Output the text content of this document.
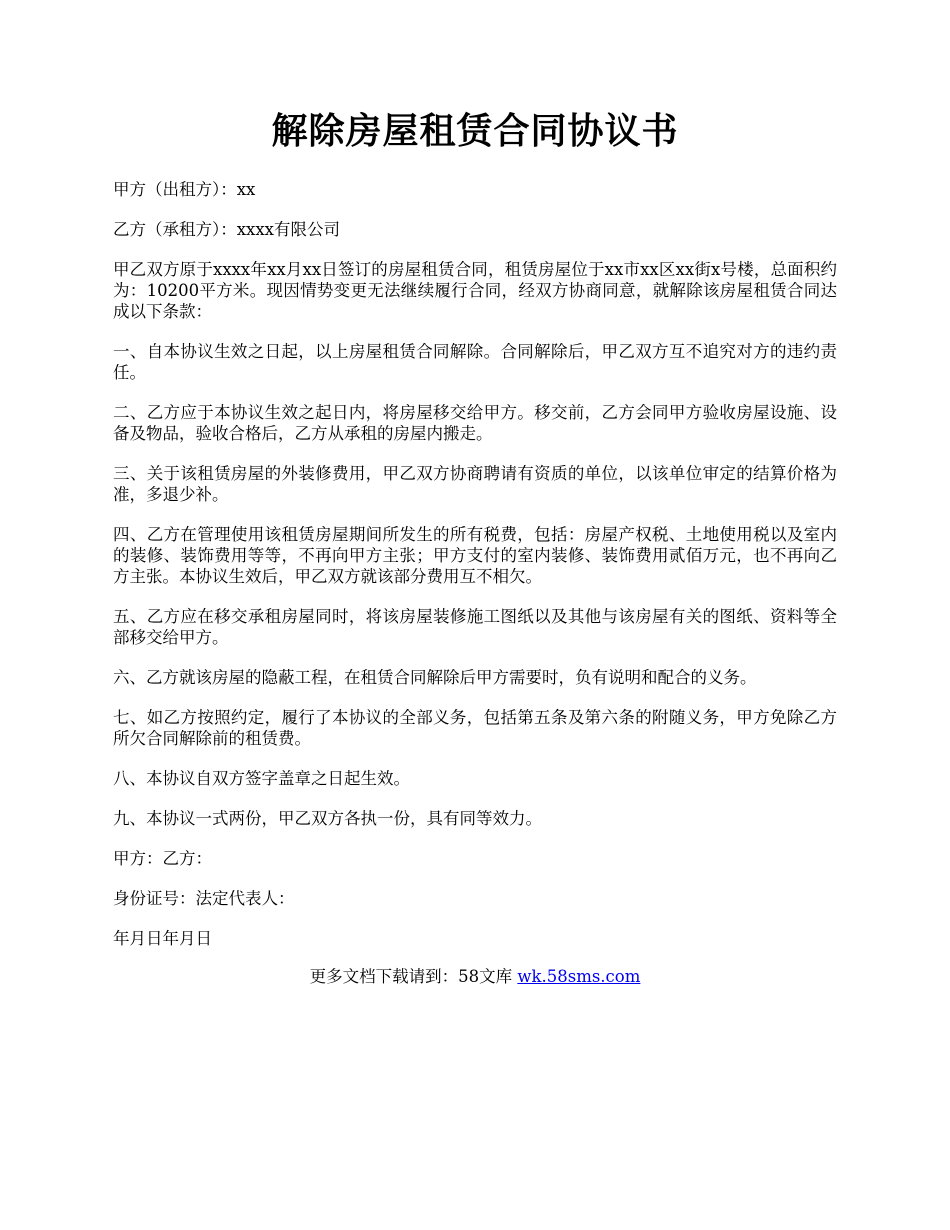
解除房屋租赁合同协议书

甲方（出租方）：xx

乙方（承租方）：xxxx有限公司

甲乙双方原于xxxx年xx月xx日签订的房屋租赁合同，租赁房屋位于xx市xx区xx街x号楼，总面积约为：10200平方米。现因情势变更无法继续履行合同，经双方协商同意，就解除该房屋租赁合同达成以下条款：

一、自本协议生效之日起，以上房屋租赁合同解除。合同解除后，甲乙双方互不追究对方的违约责任。

二、乙方应于本协议生效之起日内，将房屋移交给甲方。移交前，乙方会同甲方验收房屋设施、设备及物品，验收合格后，乙方从承租的房屋内搬走。

三、关于该租赁房屋的外装修费用，甲乙双方协商聘请有资质的单位，以该单位审定的结算价格为准，多退少补。

四、乙方在管理使用该租赁房屋期间所发生的所有税费，包括：房屋产权税、土地使用税以及室内的装修、装饰费用等等，不再向甲方主张；甲方支付的室内装修、装饰费用贰佰万元，也不再向乙方主张。本协议生效后，甲乙双方就该部分费用互不相欠。

五、乙方应在移交承租房屋同时，将该房屋装修施工图纸以及其他与该房屋有关的图纸、资料等全部移交给甲方。

六、乙方就该房屋的隐蔽工程，在租赁合同解除后甲方需要时，负有说明和配合的义务。

七、如乙方按照约定，履行了本协议的全部义务，包括第五条及第六条的附随义务，甲方免除乙方所欠合同解除前的租赁费。

八、本协议自双方签字盖章之日起生效。

九、本协议一式两份，甲乙双方各执一份，具有同等效力。

甲方：乙方：

身份证号：法定代表人：

年月日年月日

更多文档下载请到：58文库 wk.58sms.com
